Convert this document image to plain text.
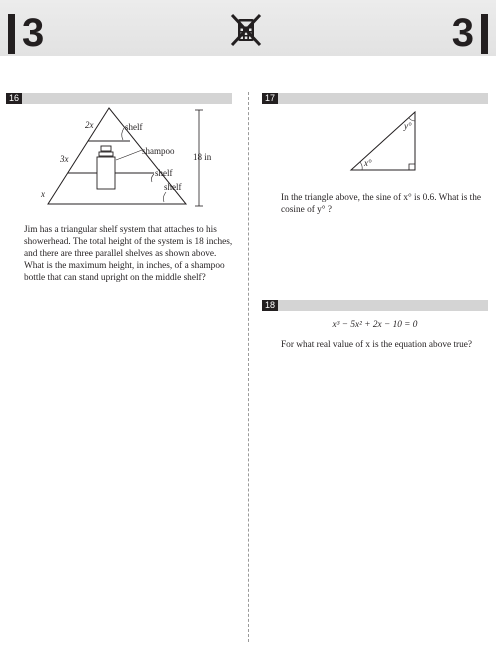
3	3
16
2x	shelf
3x
shampoo
shelf
shelf
x
18 in
Jim has a triangular shelf system that attaches to his showerhead. The total height of the system is 18 inches, and there are three parallel shelves as shown above. What is the maximum height, in inches, of a shampoo bottle that can stand upright on the middle shelf?
17
y°
x°
In the triangle above, the sine of x° is 0.6. What is the cosine of y° ?
18
x³ − 5x² + 2x − 10 = 0
For what real value of x is the equation above true?
